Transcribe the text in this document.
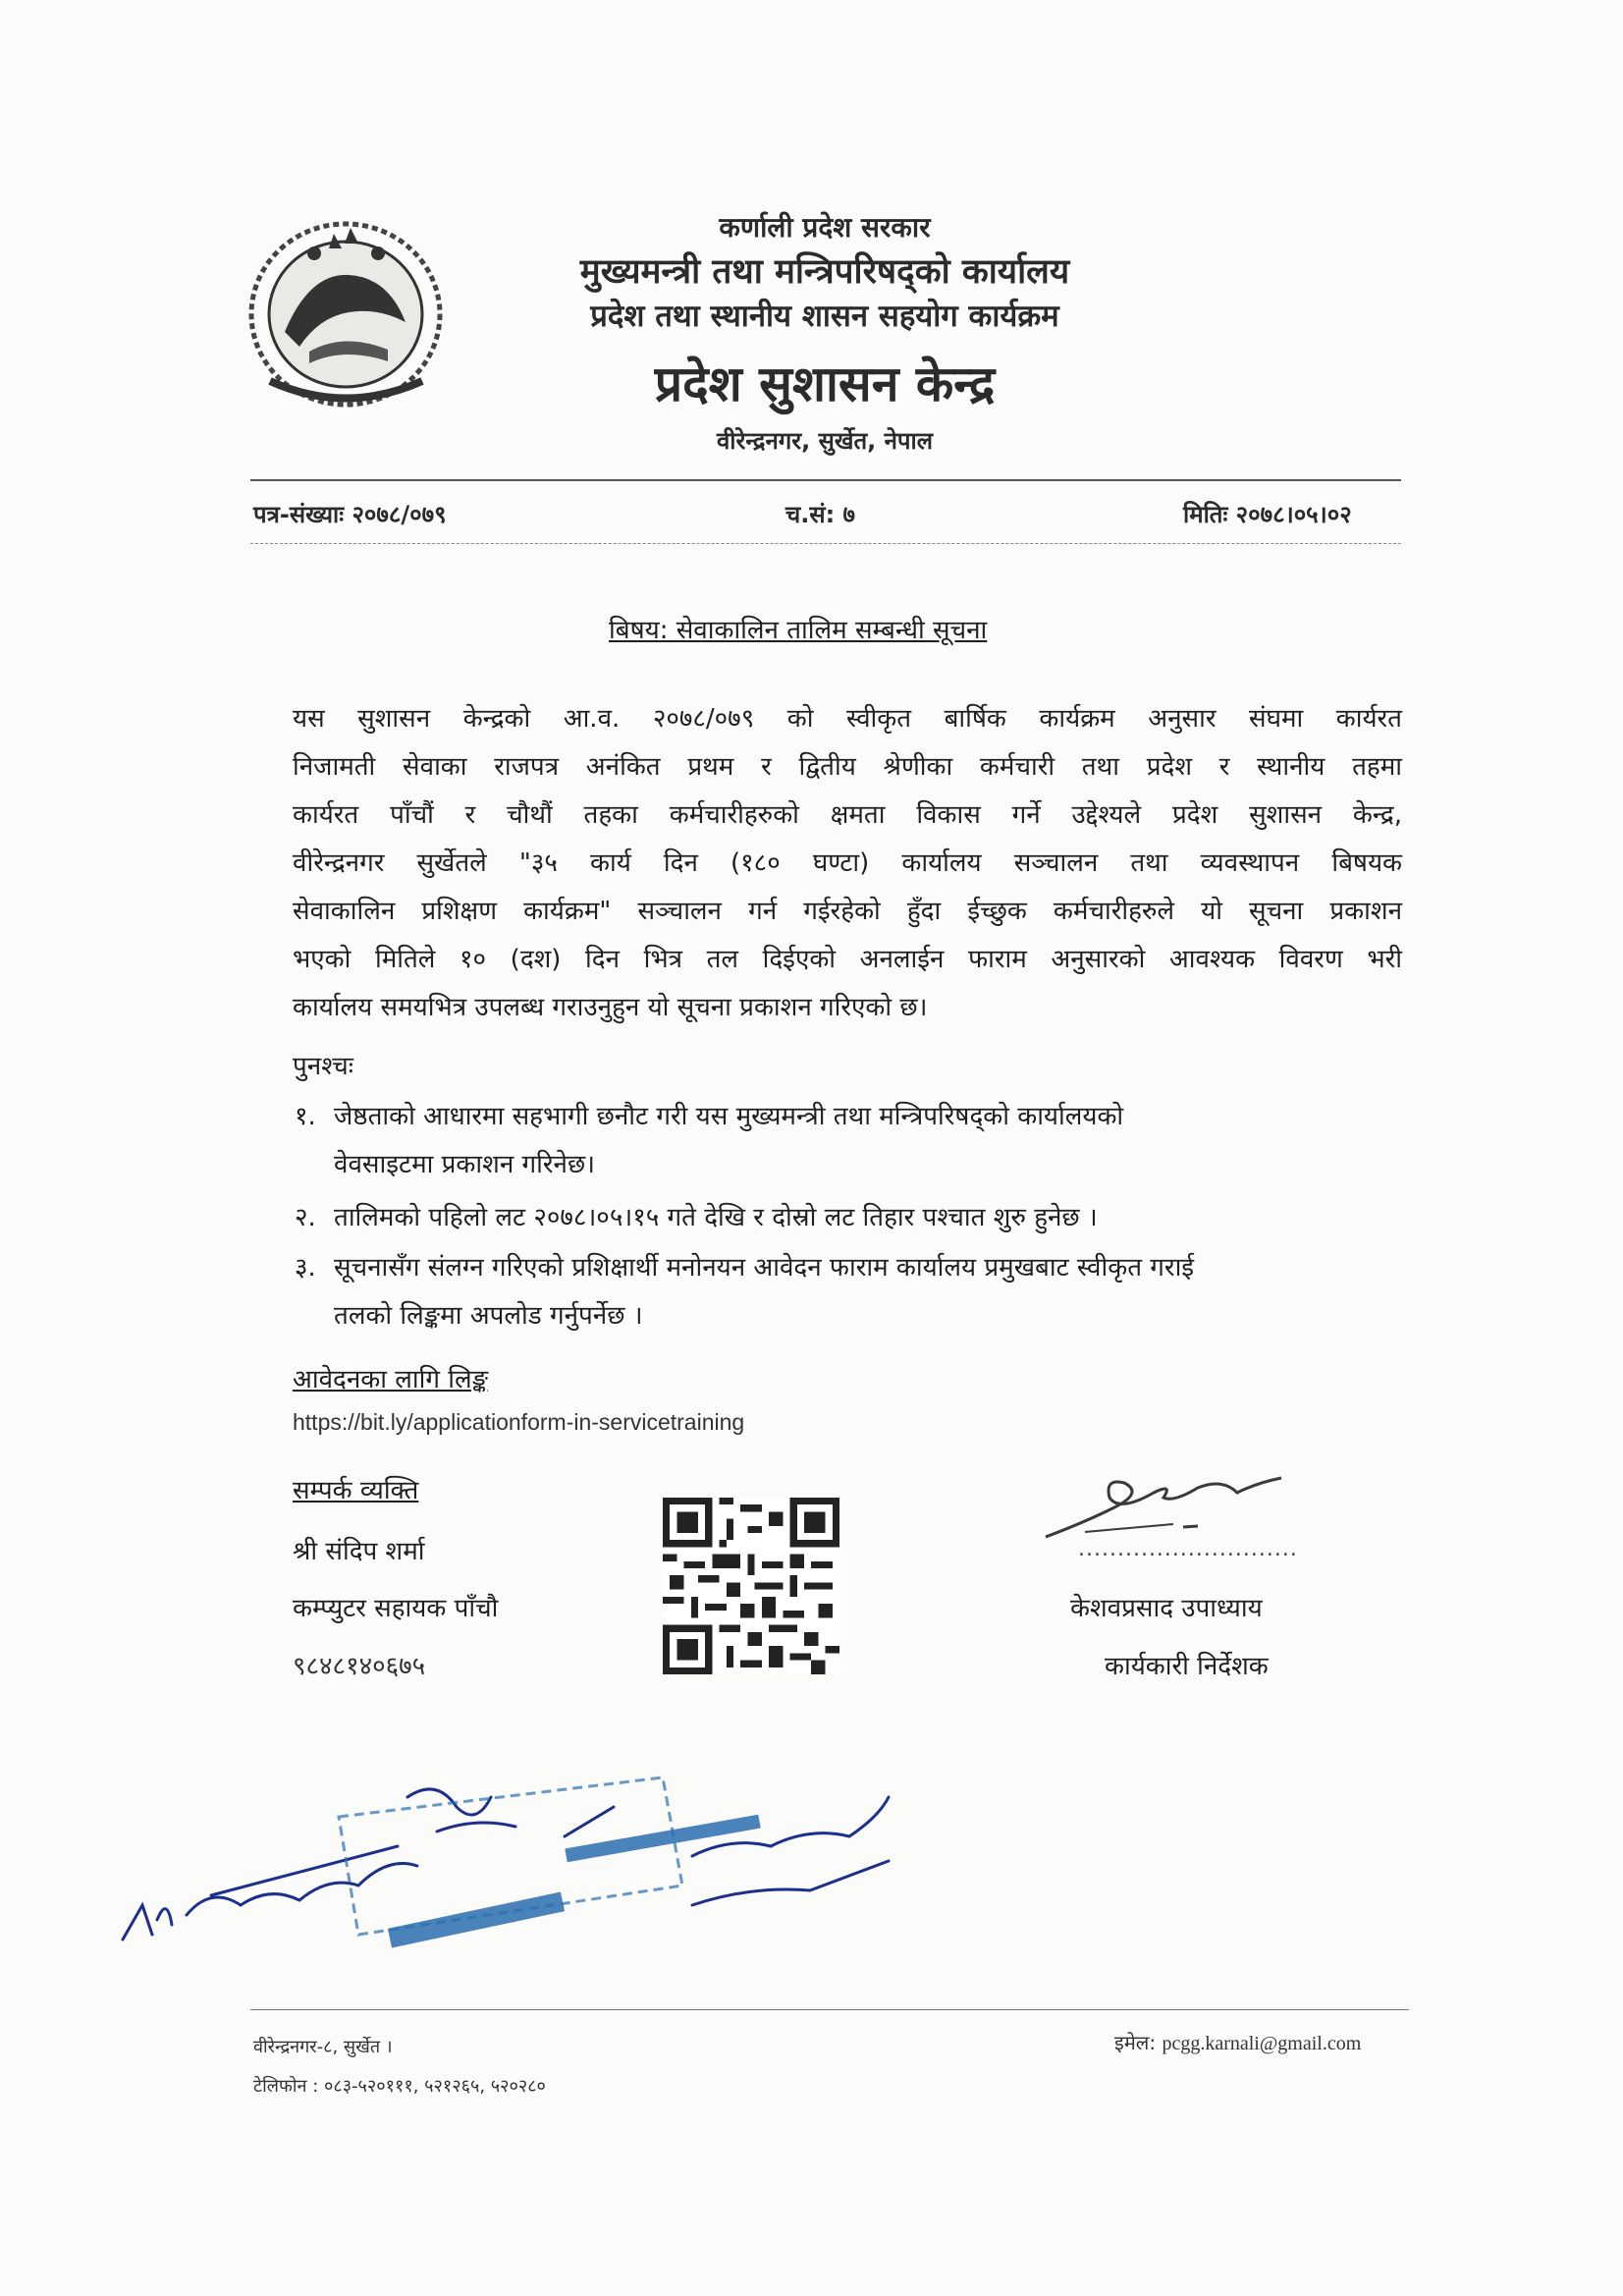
कर्णाली प्रदेश सरकार
मुख्यमन्त्री तथा मन्त्रिपरिषद्को कार्यालय
प्रदेश तथा स्थानीय शासन सहयोग कार्यक्रम
प्रदेश सुशासन केन्द्र
वीरेन्द्रनगर, सुर्खेत, नेपाल
पत्र-संख्याः २०७८/०७९	च.सं: ७	मितिः २०७८।०५।०२
बिषय: सेवाकालिन तालिम सम्बन्धी सूचना
यस सुशासन केन्द्रको आ.व. २०७८/०७९ को स्वीकृत बार्षिक कार्यक्रम अनुसार संघमा कार्यरत
निजामती सेवाका राजपत्र अनंकित प्रथम र द्वितीय श्रेणीका कर्मचारी तथा प्रदेश र स्थानीय तहमा
कार्यरत पाँचौं र चौथौं तहका कर्मचारीहरुको क्षमता विकास गर्ने उद्देश्यले प्रदेश सुशासन केन्द्र,
वीरेन्द्रनगर सुर्खेतले "३५ कार्य दिन (१८० घण्टा) कार्यालय सञ्चालन तथा व्यवस्थापन बिषयक
सेवाकालिन प्रशिक्षण कार्यक्रम" सञ्चालन गर्न गईरहेको हुँदा ईच्छुक कर्मचारीहरुले यो सूचना प्रकाशन
भएको मितिले १० (दश) दिन भित्र तल दिईएको अनलाईन फाराम अनुसारको आवश्यक विवरण भरी
कार्यालय समयभित्र उपलब्ध गराउनुहुन यो सूचना प्रकाशन गरिएको छ।
पुनश्चः
१. जेष्ठताको आधारमा सहभागी छनौट गरी यस मुख्यमन्त्री तथा मन्त्रिपरिषद्को कार्यालयको
वेवसाइटमा प्रकाशन गरिनेछ।
२. तालिमको पहिलो लट २०७८।०५।१५ गते देखि र दोस्रो लट तिहार पश्चात शुरु हुनेछ ।
३. सूचनासँग संलग्न गरिएको प्रशिक्षार्थी मनोनयन आवेदन फाराम कार्यालय प्रमुखबाट स्वीकृत गराई
तलको लिङ्कमा अपलोड गर्नुपर्नेछ ।
आवेदनका लागि लिङ्क
https://bit.ly/applicationform-in-servicetraining
सम्पर्क व्यक्ति
श्री संदिप शर्मा
कम्प्युटर सहायक पाँचौ
९८४८१४०६७५
............................
केशवप्रसाद उपाध्याय
कार्यकारी निर्देशक
वीरेन्द्रनगर-८, सुर्खेत ।
टेलिफोन : ०८३-५२०१११, ५२१२६५, ५२०२८०
इमेल: pcgg.karnali@gmail.com
